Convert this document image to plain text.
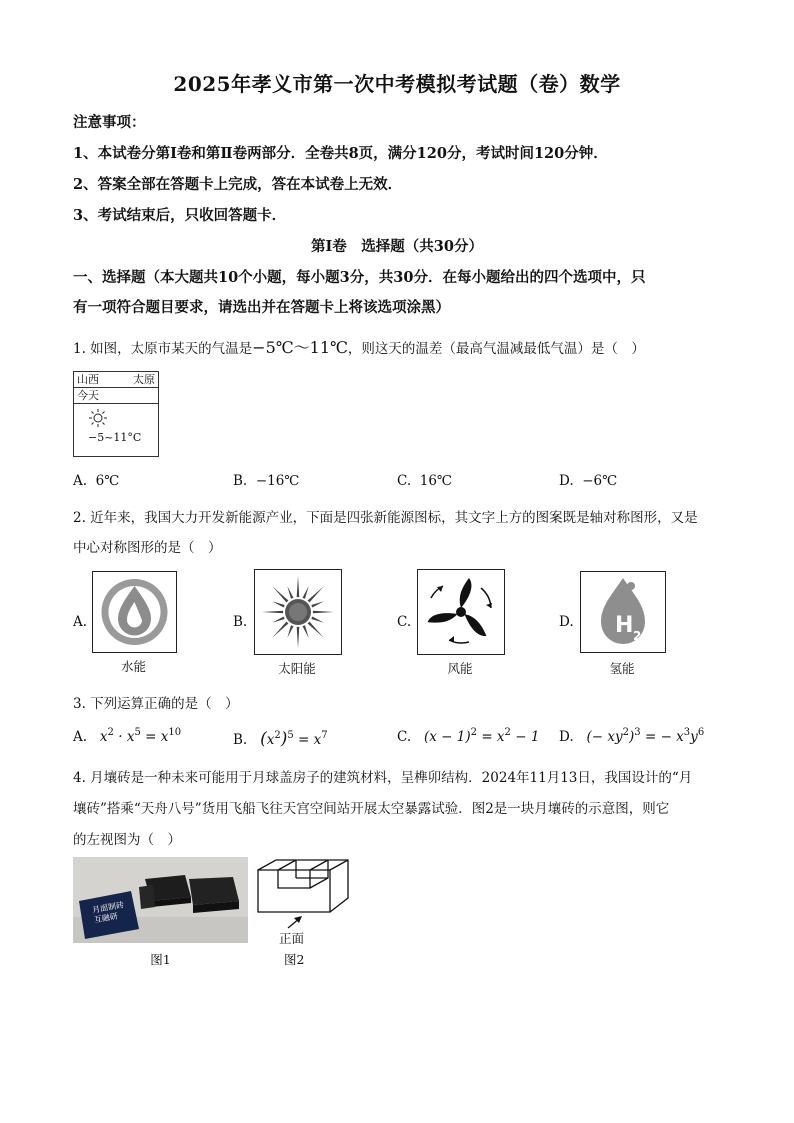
2025年孝义市第一次中考模拟考试题（卷）数学
注意事项：
1、本试卷分第Ⅰ卷和第Ⅱ卷两部分．全卷共8页，满分120分，考试时间120分钟．
2、答案全部在答题卡上完成，答在本试卷上无效．
3、考试结束后，只收回答题卡．
第Ⅰ卷　选择题（共30分）
一、选择题（本大题共10个小题，每小题3分，共30分．在每小题给出的四个选项中，只
有一项符合题目要求，请选出并在答题卡上将该选项涂黑）
1. 如图，太原市某天的气温是−5℃～11℃，则这天的温差（最高气温减最低气温）是（　）
山西	太原
今天
−5~11°C
A. 6℃	B. −16℃	C. 16℃	D. −6℃
2. 近年来，我国大力开发新能源产业，下面是四张新能源图标，其文字上方的图案既是轴对称图形，又是
中心对称图形的是（　）
A.
水能
B.
太阳能
C.
风能
D. H 2
氢能
3. 下列运算正确的是（　）
A. $x^2 \cdot x^5 = x^{10}$	B. $(x^2)^5 = x^7$	C. $(x - 1)^2 = x^2 - 1$ D. (− $xy^2)^3$ = − $x^3y^6$
4. 月壤砖是一种未来可能用于月球盖房子的建筑材料，呈榫卯结构．2024年11月13日，我国设计的“月
壤砖”搭乘“天舟八号”货用飞船飞往天宫空间站开展太空暴露试验．图2是一块月壤砖的示意图，则它
的左视图为（　）
月面制砖
互融研
图1
正面
图2
